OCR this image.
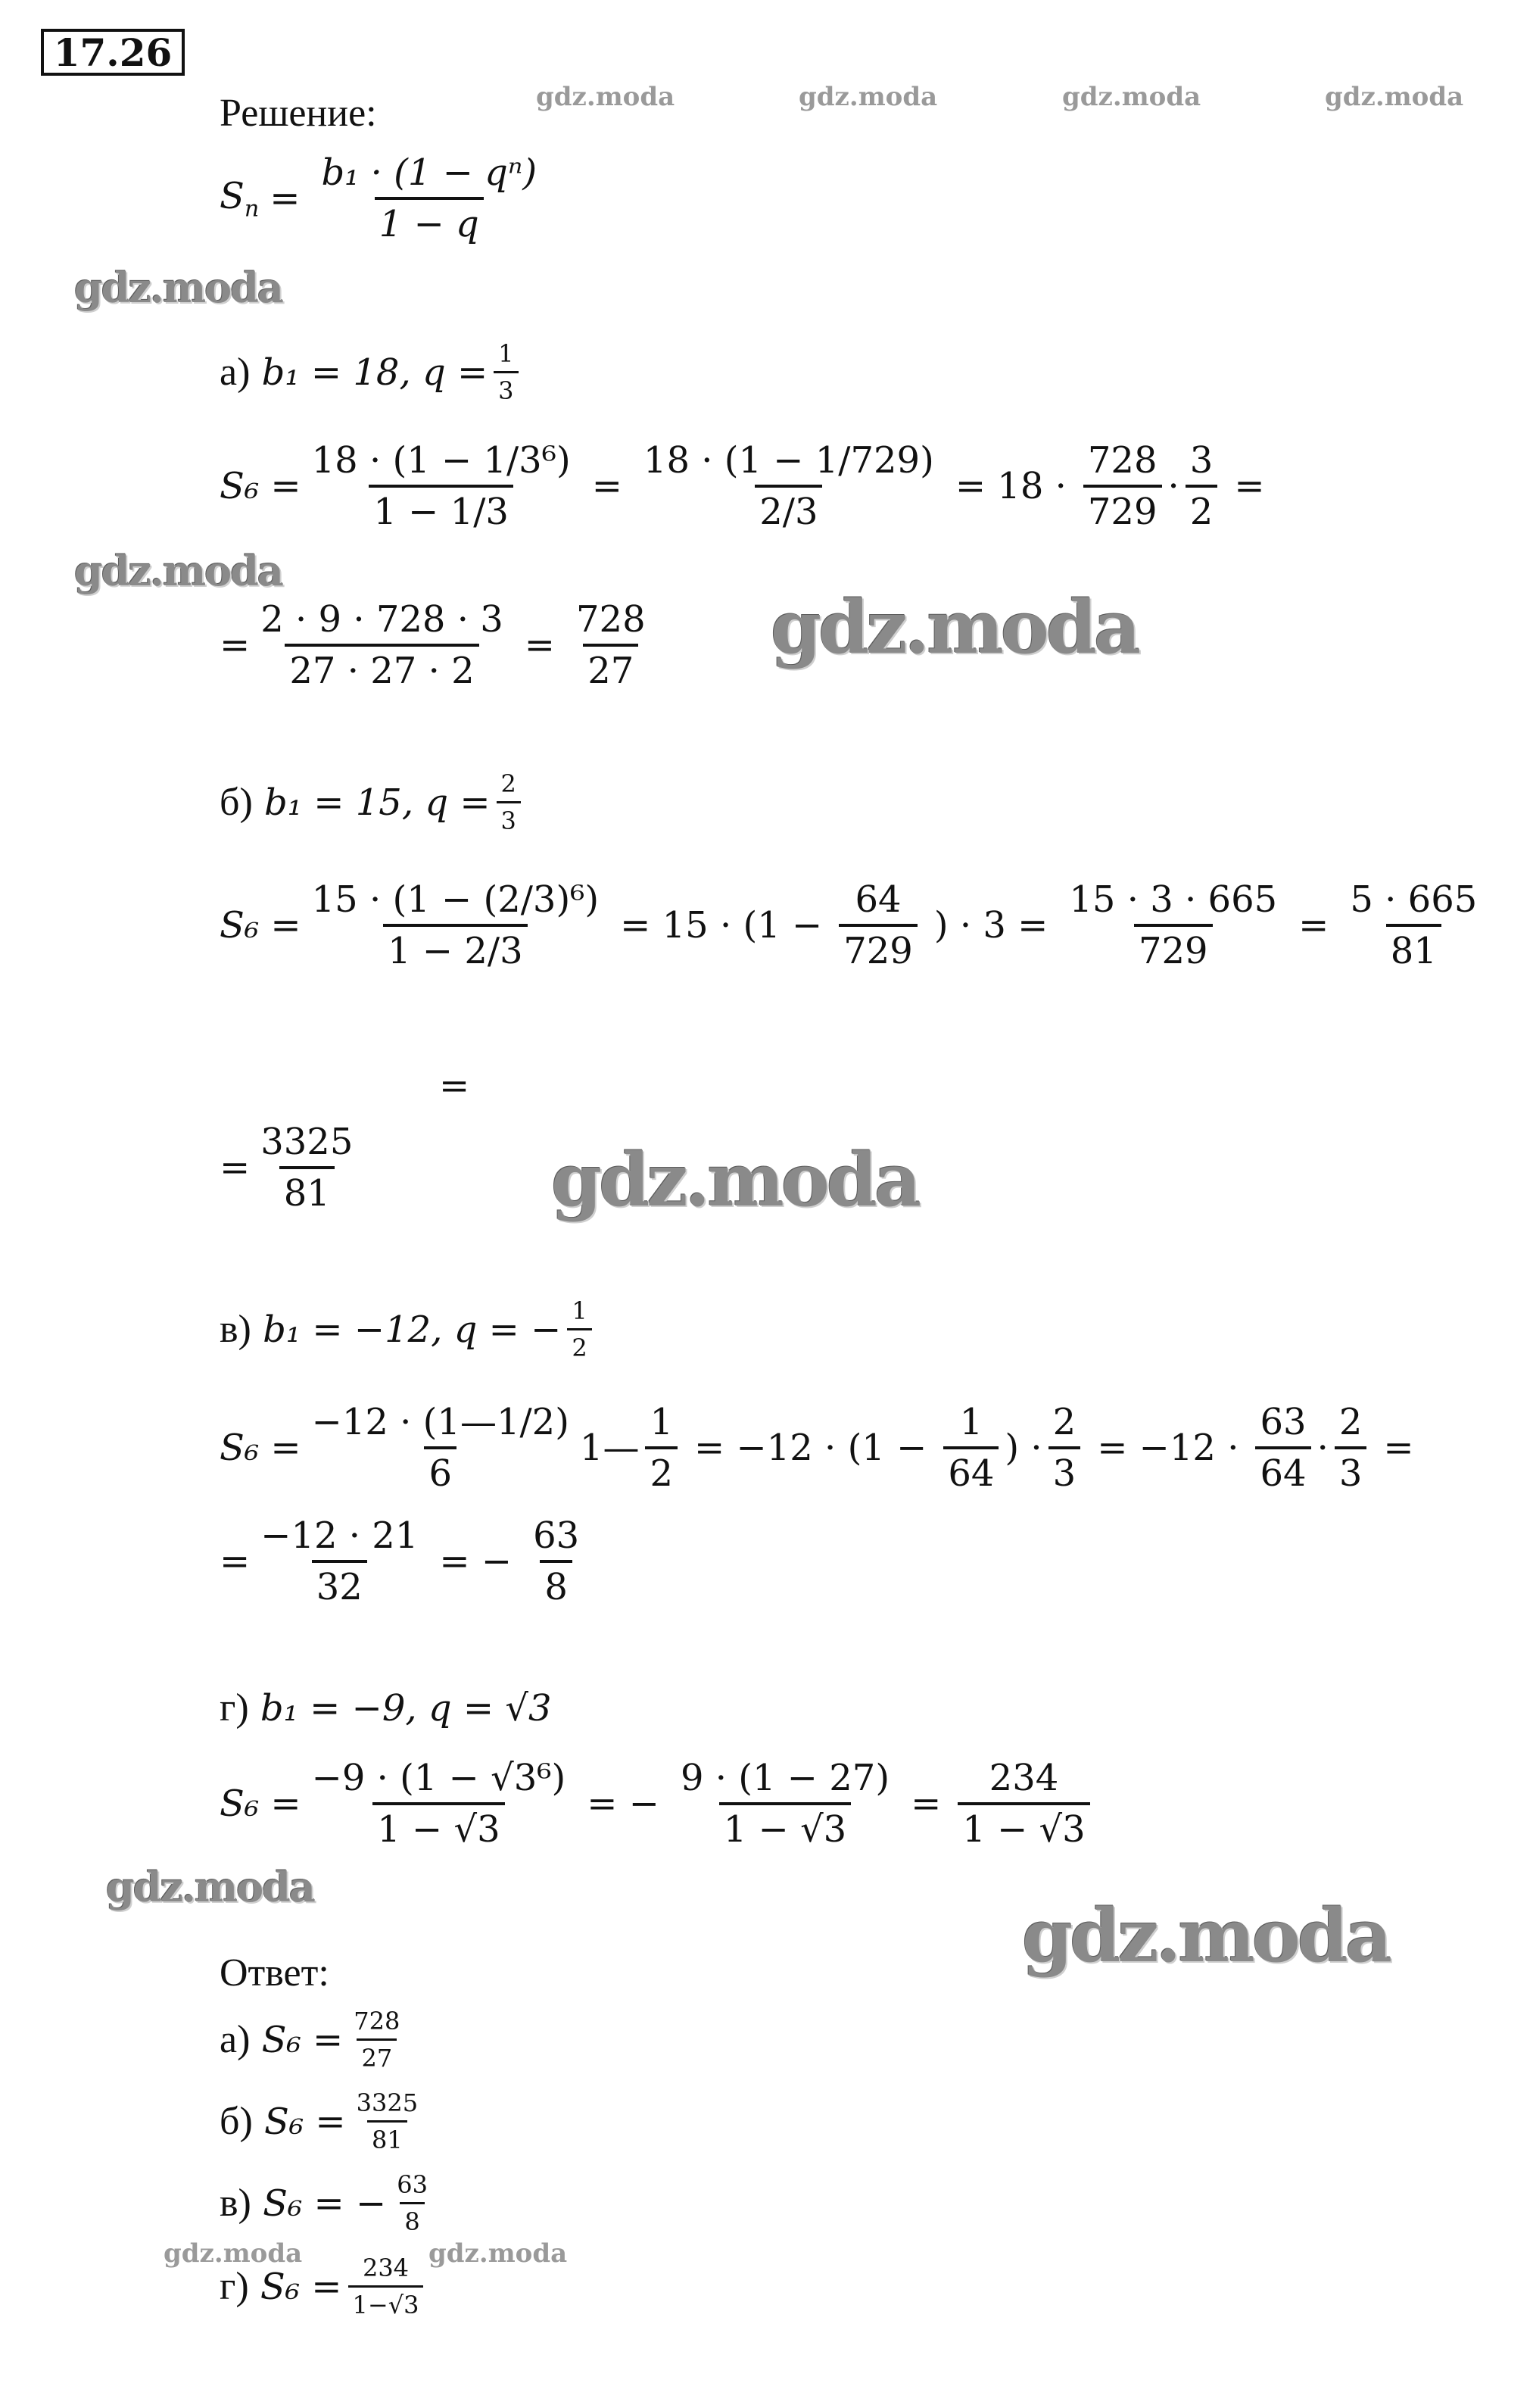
17.26
gdz.moda	gdz.moda	gdz.moda	gdz.moda
Решение:
$S_n = \frac{\text{b₁ · (1 − qⁿ)}}{1 - q}$
gdz.moda
а)
b₁ = 18, $q = \frac{1}{3}$
$S_6 = \frac{\text{18 · (1 − 1/3⁶)}}{1 - 1/3} = \frac{18 \cdot (1 - 1/729)}{2/3} = 18$ ·
728
729
· $\frac{3}{2}$ =
gdz.moda
= $\frac{2 \cdot 9 \cdot 728 \cdot 3}{27 \cdot 27 \cdot 2} = \frac{728}{27}$ gdz.moda
б)
b₁ = 15, $q = \frac{2}{3}$
$S_6 = \frac{\text{15 · (1 − (2/3)⁶)}}{1 - 2/3} = 15 \cdot (1 - \frac{64}{729}$ ) · $3 = \frac{15 \cdot 3 \cdot 665}{729} = \frac{5 \cdot 665}{81}$
=
= $\frac{3325}{81}$	gdz.moda
в)
b₁ = −12, q = − $\frac{1}{2}$
$S_6 = \frac{-12 \cdot (1—1/2)}{6}$ 1— $\frac{1}{2} = -12 \cdot (1 - \frac{1}{64}$ ) · $\frac{2}{3} = -12$ ·
63
64
· $\frac{2}{3}$ =
= $\frac{-12 \cdot 21}{32}$ = − $\frac{63}{8}$
г)
b₁ = −9, q = √3
$S_6 = \frac{\text{−9 · (1 − √3⁶)}}{1 - √3}$ = − $\frac{9 \cdot (1 - 27)}{1 - √3} = \frac{234}{1 - √3}$
gdz.moda
gdz.moda
Ответ:
а)
$S_6 = \frac{728}{27}$
б)
$S_6 = \frac{3325}{81}$
в)
S₆ = − $\frac{63}{8}$
gdz.moda	gdz.moda
г)
$S_6 = \frac{234}{1-√3}$
